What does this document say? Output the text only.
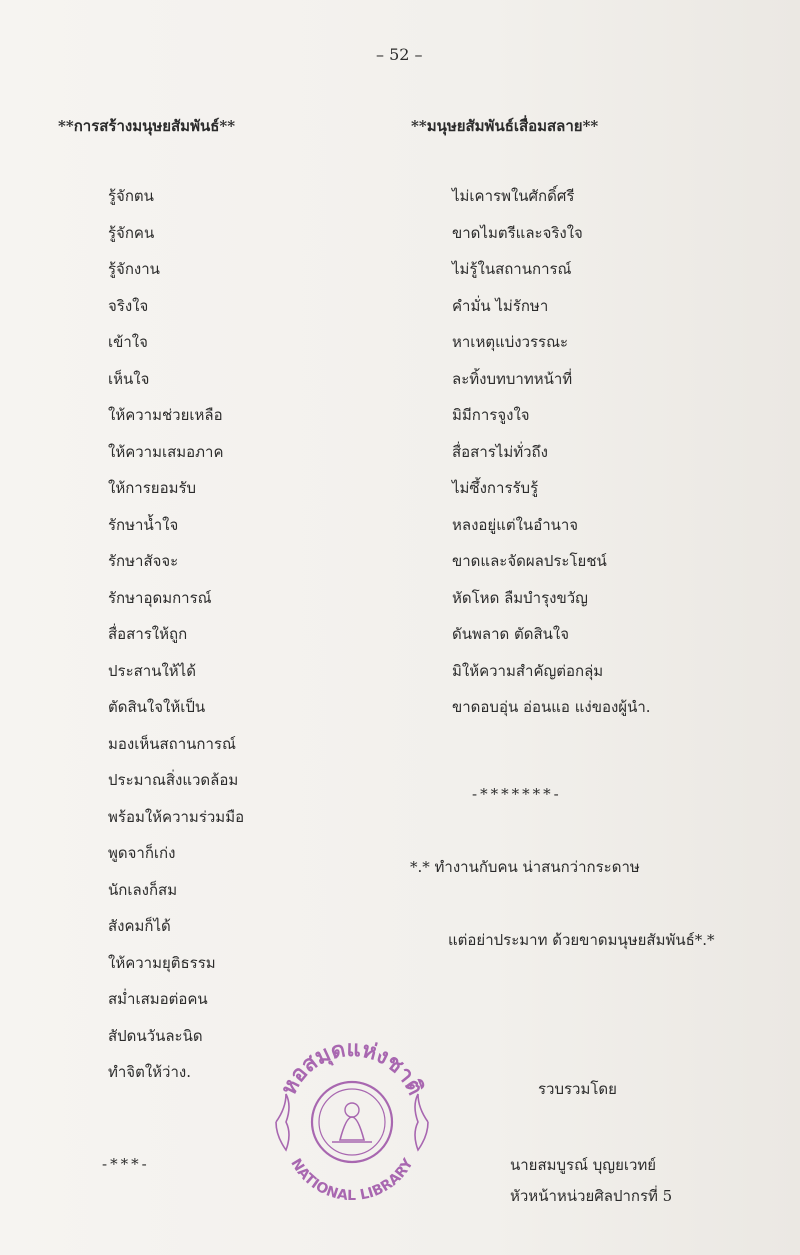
– 52 –
**การสร้างมนุษยสัมพันธ์**	**มนุษยสัมพันธ์เสื่อมสลาย**
รู้จักตน
รู้จักคน
รู้จักงาน
จริงใจ
เข้าใจ
เห็นใจ
ให้ความช่วยเหลือ
ให้ความเสมอภาค
ให้การยอมรับ
รักษาน้ำใจ
รักษาสัจจะ
รักษาอุดมการณ์
สื่อสารให้ถูก
ประสานให้ได้
ตัดสินใจให้เป็น
มองเห็นสถานการณ์
ประมาณสิ่งแวดล้อม
พร้อมให้ความร่วมมือ
พูดจาก็เก่ง
นักเลงก็สม
สังคมก็ได้
ให้ความยุติธรรม
สม่ำเสมอต่อคน
สัปดนวันละนิด
ทำจิตให้ว่าง.
ไม่เคารพในศักดิ์ศรี
ขาดไมตรีและจริงใจ
ไม่รู้ในสถานการณ์
คำมั่น ไม่รักษา
หาเหตุแบ่งวรรณะ
ละทิ้งบทบาทหน้าที่
มิมีการจูงใจ
สื่อสารไม่ทั่วถึง
ไม่ซึ้งการรับรู้
หลงอยู่แต่ในอำนาจ
ขาดและจัดผลประโยชน์
หัดโหด ลืมบำรุงขวัญ
ดันพลาด ตัดสินใจ
มิให้ความสำคัญต่อกลุ่ม
ขาดอบอุ่น อ่อนแอ แง่ของผู้นำ.
-*******-
*.* ทำงานกับคน น่าสนกว่ากระดาษ
แต่อย่าประมาท ด้วยขาดมนุษยสัมพันธ์*.*
รวบรวมโดย
นายสมบูรณ์ บุญยเวทย์
หัวหน้าหน่วยศิลปากรที่ 5
-***-
หอสมุดแห่งชาติ
NATIONAL LIBRARY
